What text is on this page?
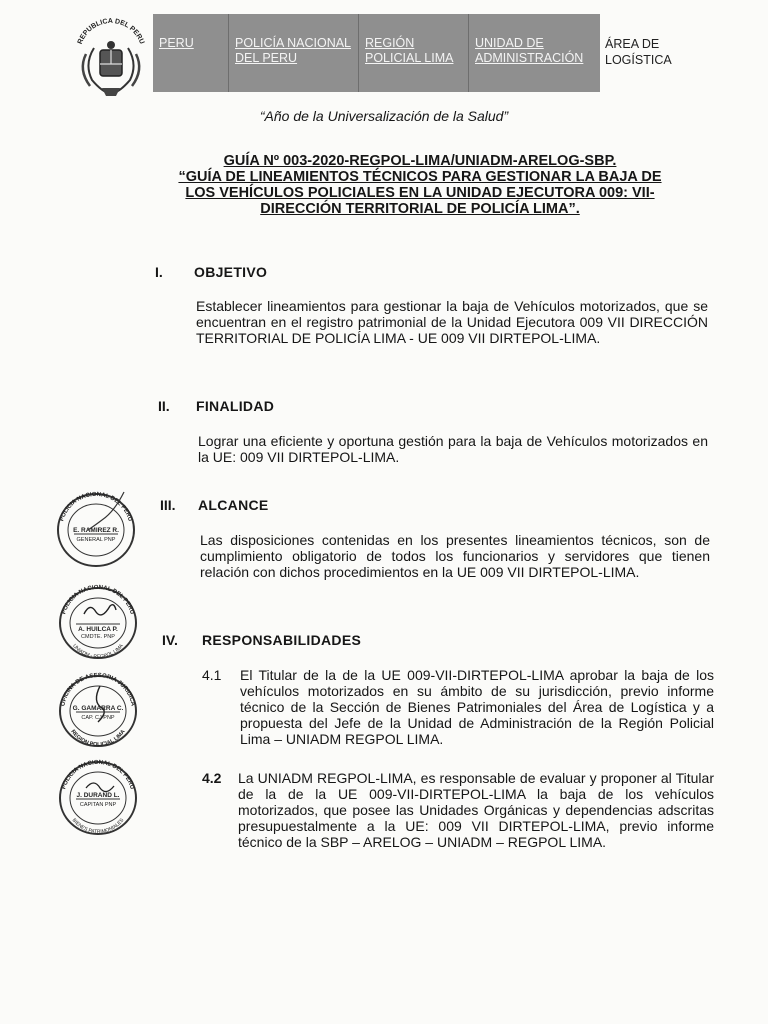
REPUBLICA DEL PERU	PERU	POLICÍA NACIONAL DEL PERU
REGIÓN POLICIAL LIMA
UNIDAD DE ADMINISTRACIÓN
ÁREA DE LOGÍSTICA
“Año de la Universalización de la Salud”
GUÍA Nº 003-2020-REGPOL-LIMA/UNIADM-ARELOG-SBP.
“GUÍA DE LINEAMIENTOS TÉCNICOS PARA GESTIONAR LA BAJA DE
LOS VEHÍCULOS POLICIALES EN LA UNIDAD EJECUTORA 009: VII-
DIRECCIÓN TERRITORIAL DE POLICÍA LIMA”.
I. OBJETIVO
Establecer lineamientos para gestionar la baja de Vehículos motorizados, que se encuentran en el registro patrimonial de la Unidad Ejecutora 009 VII DIRECCIÓN TERRITORIAL DE POLICÍA LIMA - UE 009 VII DIRTEPOL-LIMA.
II. FINALIDAD
Lograr una eficiente y oportuna gestión para la baja de Vehículos motorizados en la UE: 009 VII DIRTEPOL-LIMA.
III. ALCANCE
Las disposiciones contenidas en los presentes lineamientos técnicos, son de cumplimiento obligatorio de todos los funcionarios y servidores que tienen relación con dichos procedimientos en la UE 009 VII DIRTEPOL-LIMA.
IV. RESPONSABILIDADES
4.1 El Titular de la de la UE 009-VII-DIRTEPOL-LIMA aprobar la baja de los vehículos motorizados en su ámbito de su jurisdicción, previo informe técnico de la Sección de Bienes Patrimoniales del Área de Logística y a propuesta del Jefe de la Unidad de Administración de la Región Policial Lima – UNIADM REGPOL LIMA.
4.2 La UNIADM REGPOL-LIMA, es responsable de evaluar y proponer al Titular de la de la UE 009-VII-DIRTEPOL-LIMA la baja de los vehículos motorizados, que posee las Unidades Orgánicas y dependencias adscritas presupuestalmente a la UE: 009 VII DIRTEPOL-LIMA, previo informe técnico de la SBP – ARELOG – UNIADM – REGPOL LIMA.
POLICIA NACIONAL DEL PERU
E. RAMIREZ R.
GENERAL PNP
POLICIA NACIONAL DEL PERU
UNIADM - REGPOL LIMA
A. HUILCA P.
CMDTE. PNP
OFICINA DE ASESORIA JURIDICA
REGION POLICIAL LIMA
G. GAMARRA C.
CAP. CJ PNP
POLICIA NACIONAL DEL PERU
BIENES PATRIMONIALES
J. DURAND L.
CAPITAN PNP
